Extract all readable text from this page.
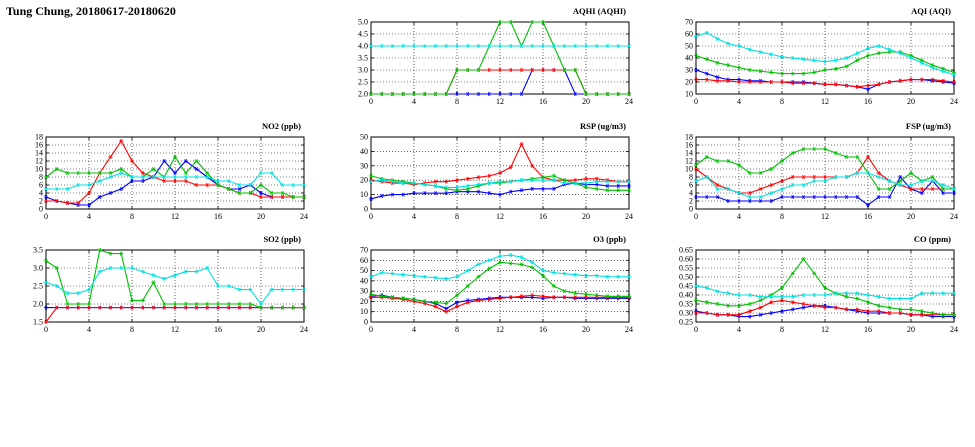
Tung Chung, 20180617-20180620
2.0
2.5
3.0
3.5
4.0
4.5
5.0
0	4	8	12	16	20	24
AQHI (AQHI)
10
20
30
40
50
60
70
0	4	8	12	16	20	24
AQI (AQI)
0
2
4
6
8
10
12
14
16
18
0	4	8	12	16	20	24
NO2 (ppb)
0
10
20
30
40
50
0	4	8	12	16	20	24
RSP (ug/m3)
0
2
4
6
8
10
12
14
16
18
0	4	8	12	16	20	24
FSP (ug/m3)
1.5
2.0
2.5
3.0
3.5
0	4	8	12	16	20	24
SO2 (ppb)
0
10
20
30
40
50
60
70
0	4	8	12	16	20	24
O3 (ppb)
0.25
0.30
0.35
0.40
0.45
0.50
0.55
0.60
0.65
0	4	8	12	16	20	24
CO (ppm)
